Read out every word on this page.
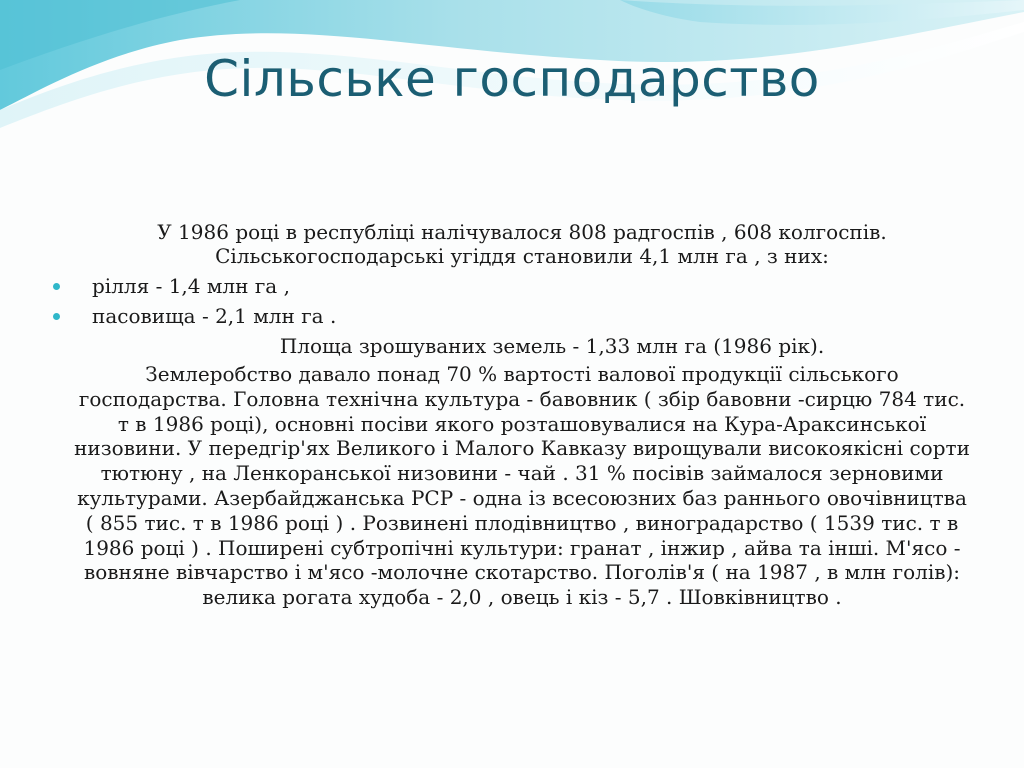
Сільське господарство

У 1986 році в республіці налічувалося 808 радгоспів , 608 колгоспів. Сільськогосподарські угіддя становили 4,1 млн га , з них:

рілля - 1,4 млн га ,
пасовища - 2,1 млн га .

Площа зрошуваних земель - 1,33 млн га (1986 рік).

Землеробство давало понад 70 % вартості валової продукції сільського господарства. Головна технічна культура - бавовник ( збір бавовни -сирцю 784 тис. т в 1986 році), основні посіви якого розташовувалися на Кура-Араксинської низовини. У передгір'ях Великого і Малого Кавказу вирощували високоякісні сорти тютюну , на Ленкоранської низовини - чай . 31 % посівів займалося зерновими культурами. Азербайджанська РСР - одна із всесоюзних баз раннього овочівництва ( 855 тис. т в 1986 році ) . Розвинені плодівництво , виноградарство ( 1539 тис. т в 1986 році ) . Поширені субтропічні культури: гранат , інжир , айва та інші. М'ясо - вовняне вівчарство і м'ясо -молочне скотарство. Поголів'я ( на 1987 , в млн голів): велика рогата худоба - 2,0 , овець і кіз - 5,7 . Шовківництво .
